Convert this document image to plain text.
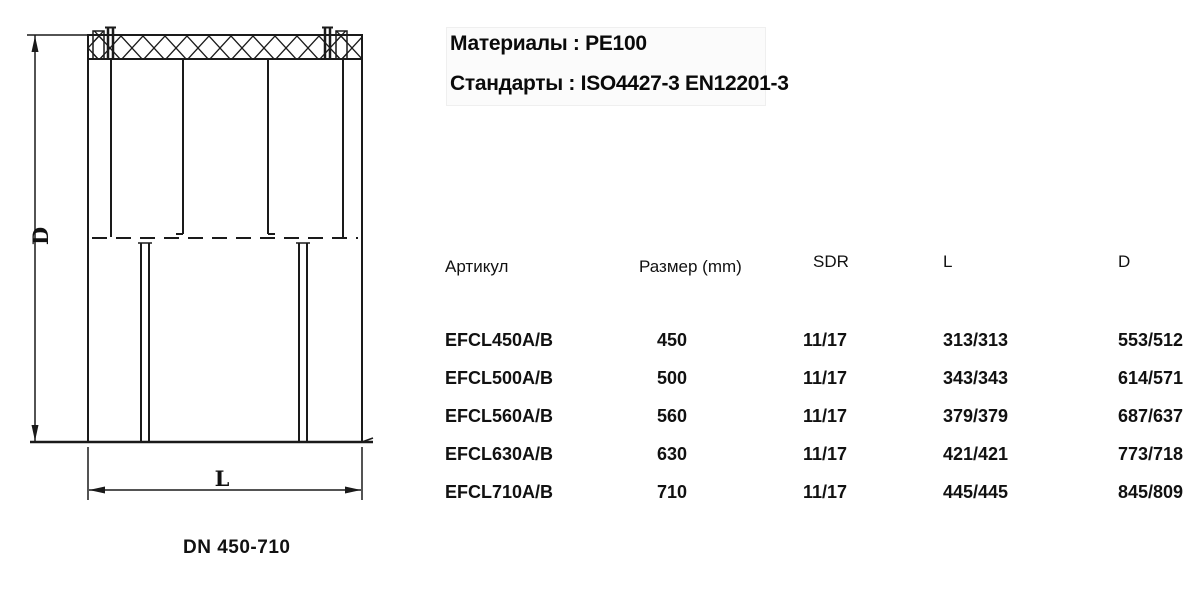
D
L
DN 450-710
Материалы : PE100
Стандарты : ISO4427-3 EN12201-3
Артикул	Размер (mm)	SDR	L	D
EFCL450A/B	450	11/17	313/313	553/512
EFCL500A/B	500	11/17	343/343	614/571
EFCL560A/B	560	11/17	379/379	687/637
EFCL630A/B	630	11/17	421/421	773/718
EFCL710A/B	710	11/17	445/445	845/809
